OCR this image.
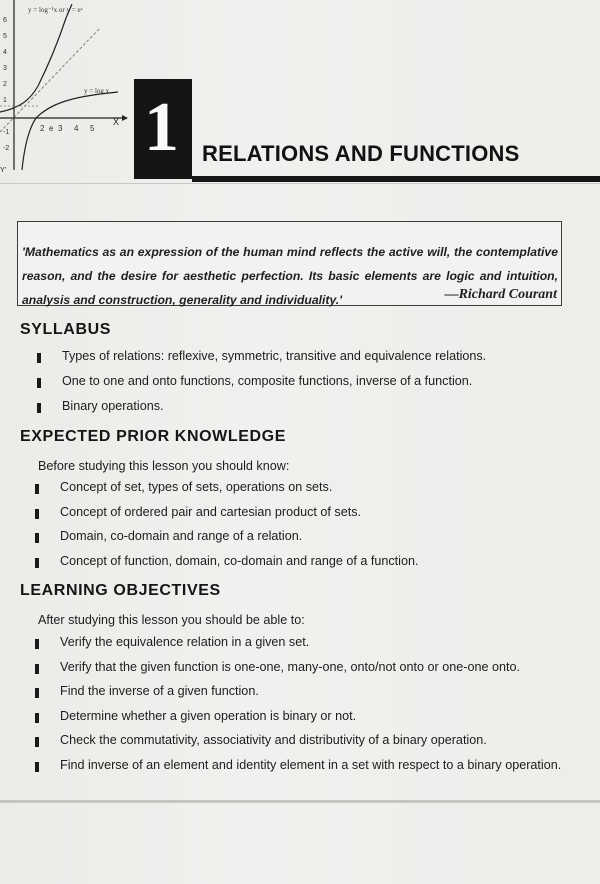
y = log⁻¹x or y = eˣ
y = log x
X
Y'
6
5
4
3
2
1
-1
-2
2 e 3 4 5 1 RELATIONS AND FUNCTIONS
'Mathematics as an expression of the human mind reflects the active will, the contemplative reason, and the desire for aesthetic perfection. Its basic elements are logic and intuition, analysis and construction, generality and individuality.'	—Richard Courant
SYLLABUS
Types of relations: reflexive, symmetric, transitive and equivalence relations.
One to one and onto functions, composite functions, inverse of a function.
Binary operations.
EXPECTED PRIOR KNOWLEDGE
Before studying this lesson you should know:
Concept of set, types of sets, operations on sets.
Concept of ordered pair and cartesian product of sets.
Domain, co-domain and range of a relation.
Concept of function, domain, co-domain and range of a function.
LEARNING OBJECTIVES
After studying this lesson you should be able to:
Verify the equivalence relation in a given set.
Verify that the given function is one-one, many-one, onto/not onto or one-one onto.
Find the inverse of a given function.
Determine whether a given operation is binary or not.
Check the commutativity, associativity and distributivity of a binary operation.
Find inverse of an element and identity element in a set with respect to a binary operation.
